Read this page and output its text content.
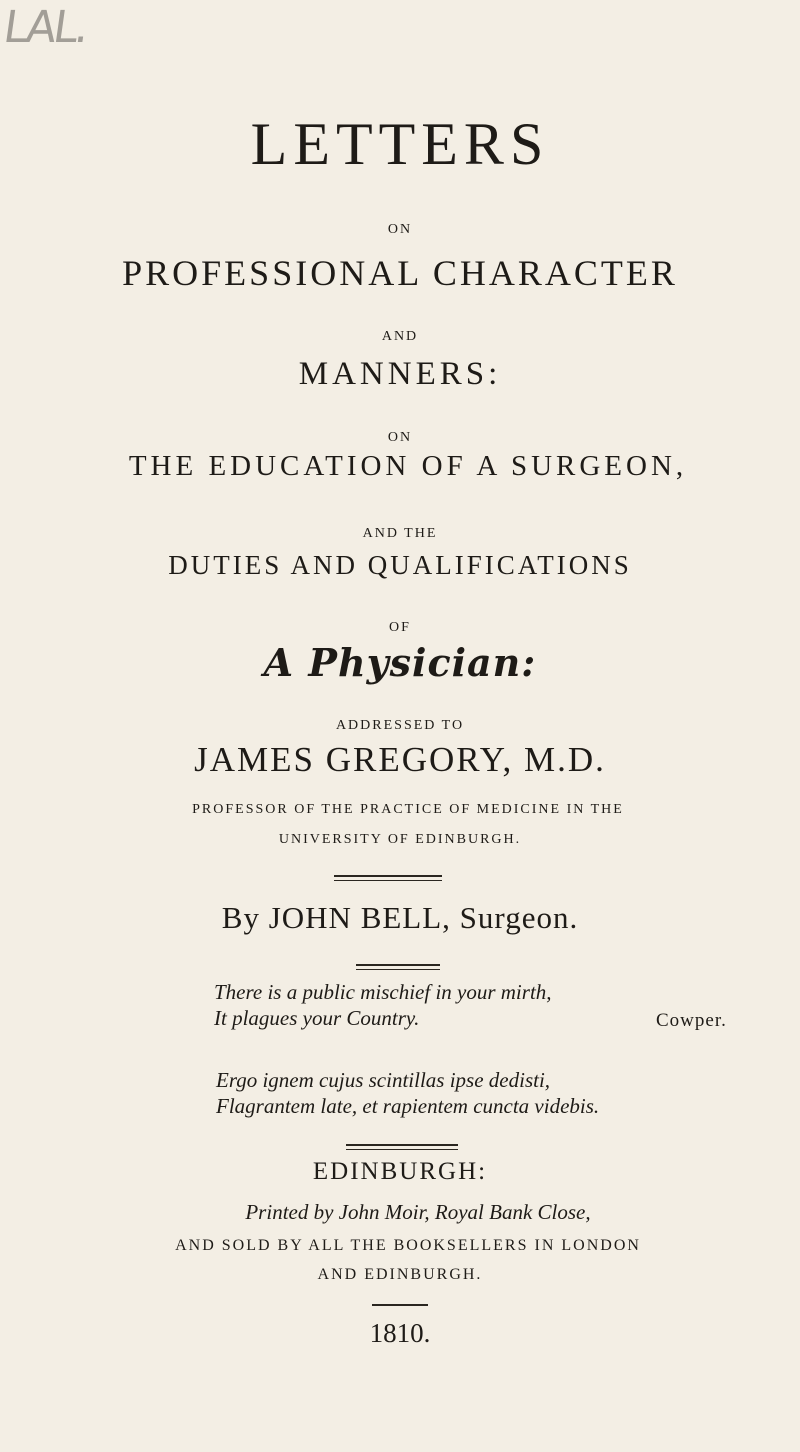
LAL.

LETTERS

ON

PROFESSIONAL CHARACTER

AND

MANNERS:

ON

THE EDUCATION OF A SURGEON,

AND THE

DUTIES AND QUALIFICATIONS

OF

A Physician:

ADDRESSED TO

JAMES GREGORY, M.D.

PROFESSOR OF THE PRACTICE OF MEDICINE IN THE

UNIVERSITY OF EDINBURGH.

By JOHN BELL, Surgeon.

There is a public mischief in your mirth,

It plagues your Country.	Cowper.

Ergo ignem cujus scintillas ipse dedisti,

Flagrantem late, et rapientem cuncta videbis.

EDINBURGH:

Printed by John Moir, Royal Bank Close,

AND SOLD BY ALL THE BOOKSELLERS IN LONDON

AND EDINBURGH.

1810.
